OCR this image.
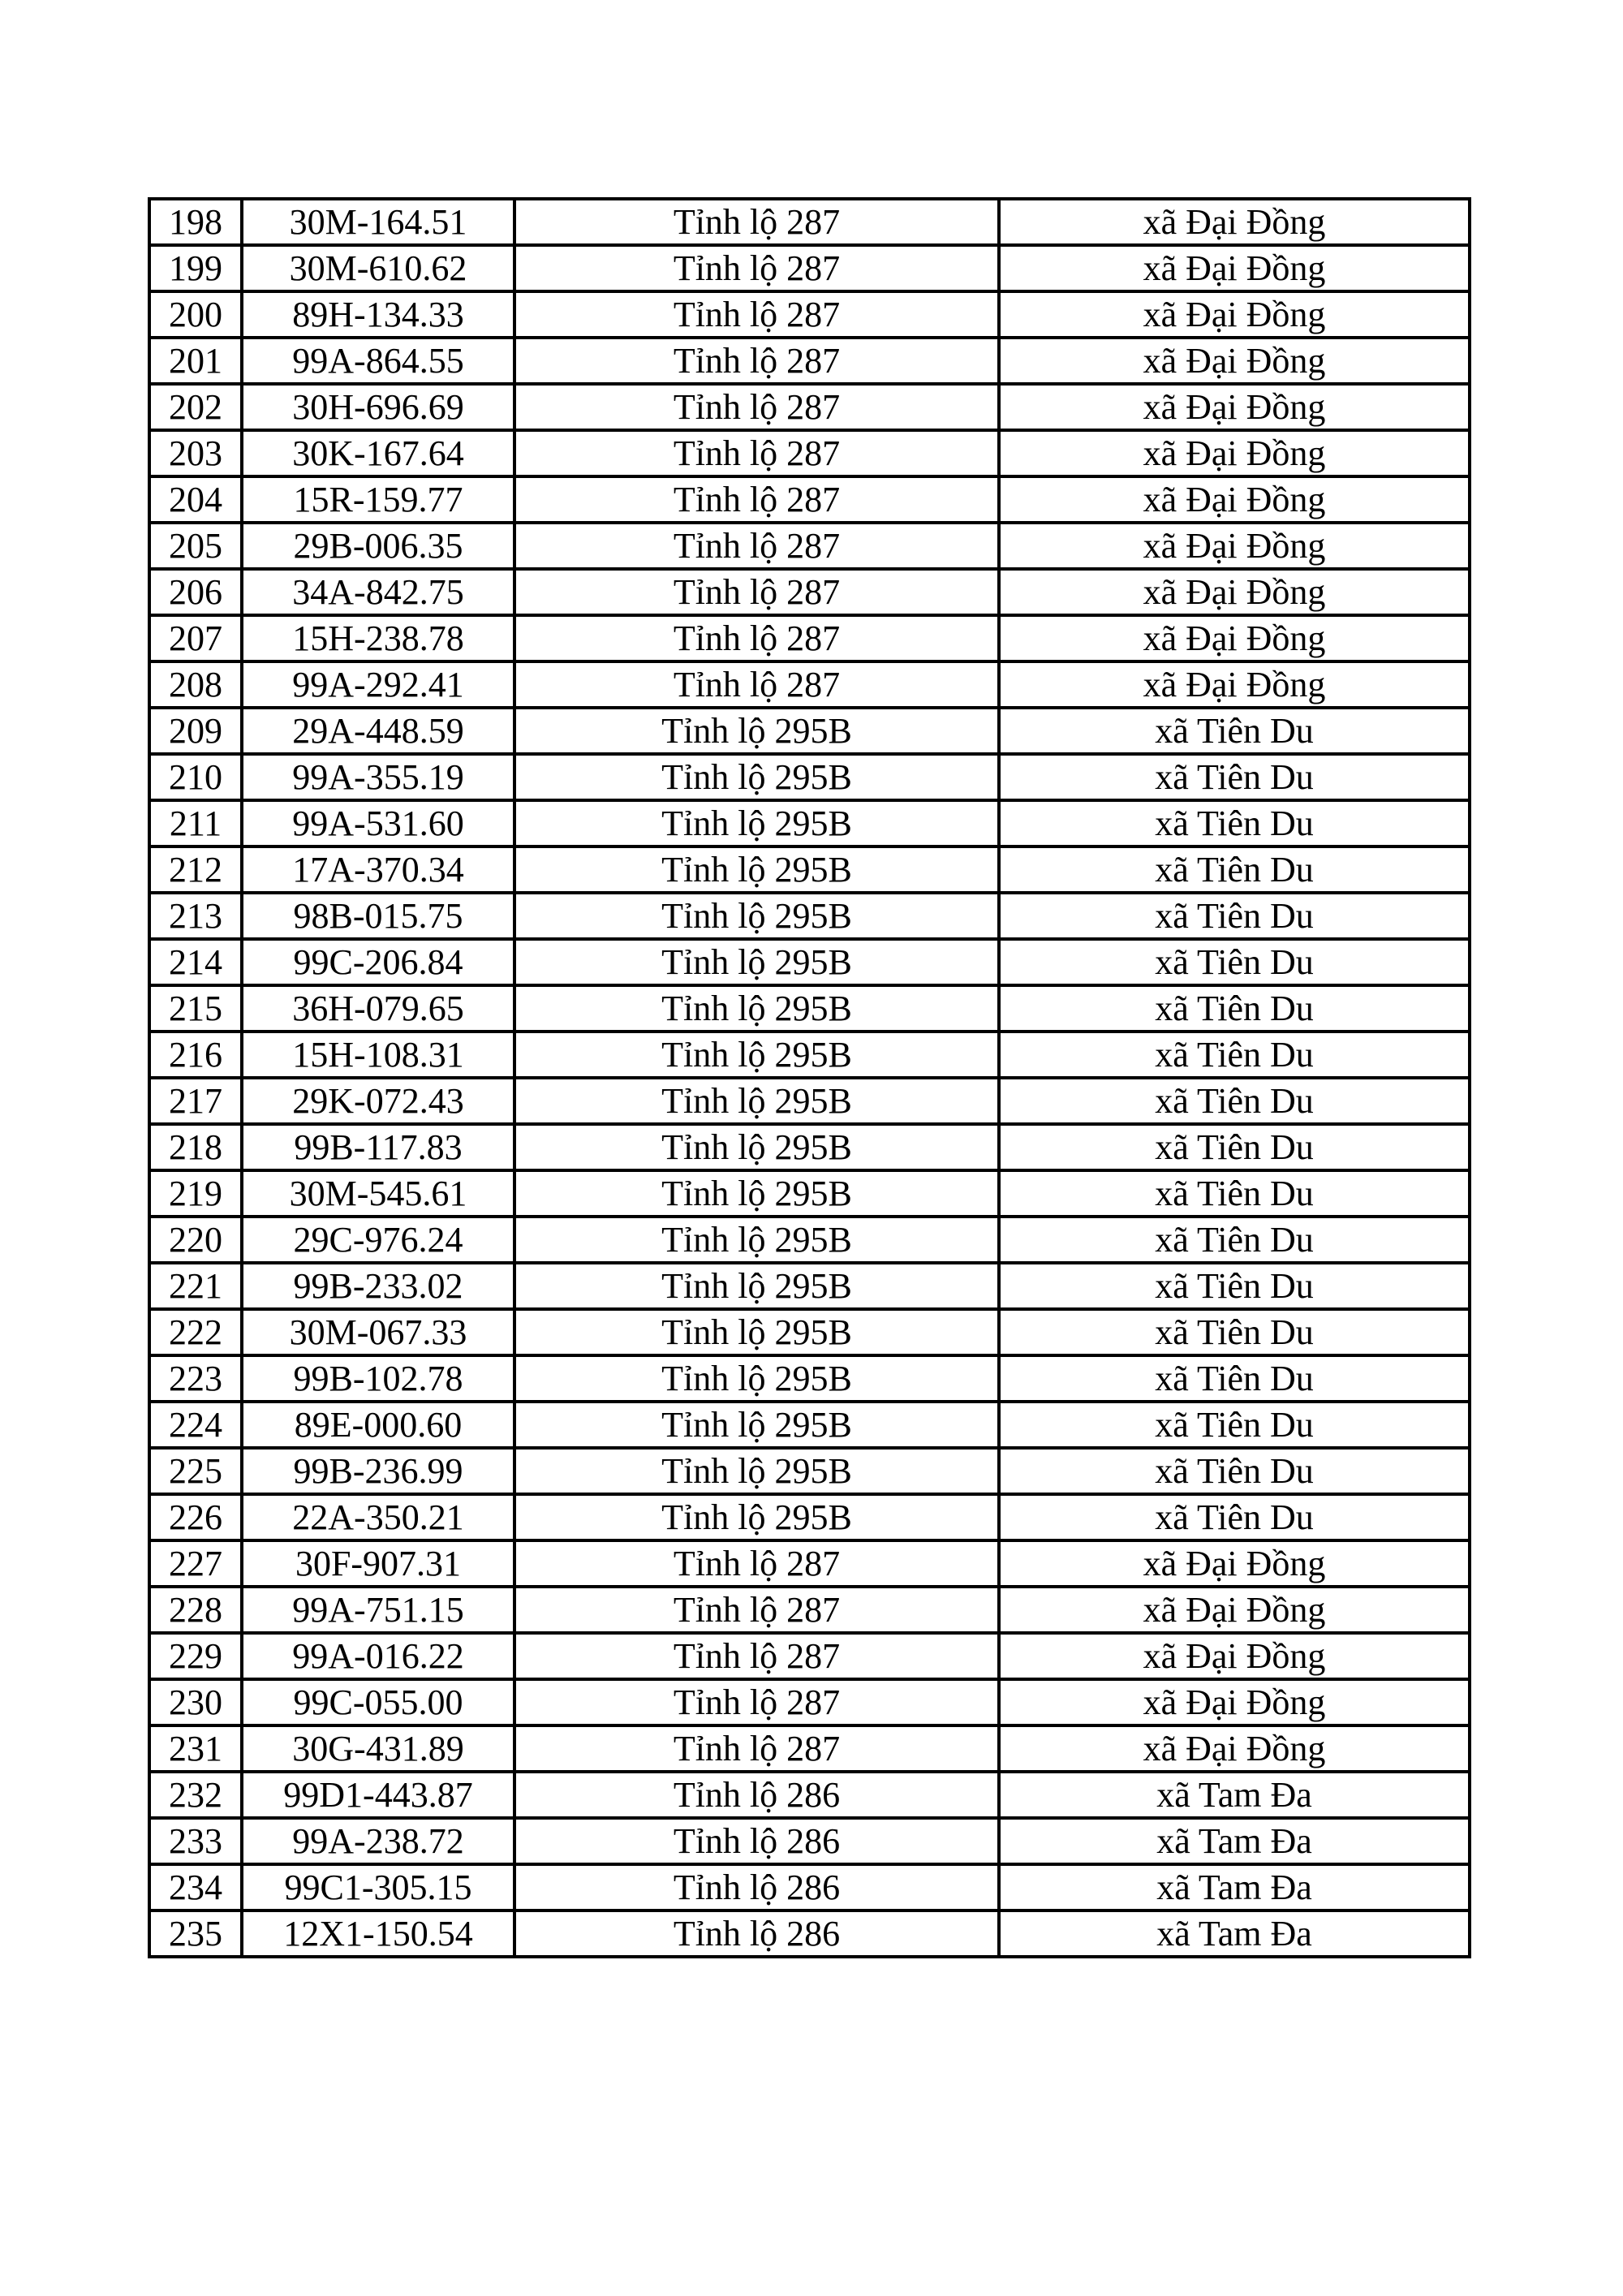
198	30M-164.51	Tỉnh lộ 287	xã Đại Đồng
199	30M-610.62	Tỉnh lộ 287	xã Đại Đồng
200	89H-134.33	Tỉnh lộ 287	xã Đại Đồng
201	99A-864.55	Tỉnh lộ 287	xã Đại Đồng
202	30H-696.69	Tỉnh lộ 287	xã Đại Đồng
203	30K-167.64	Tỉnh lộ 287	xã Đại Đồng
204	15R-159.77	Tỉnh lộ 287	xã Đại Đồng
205	29B-006.35	Tỉnh lộ 287	xã Đại Đồng
206	34A-842.75	Tỉnh lộ 287	xã Đại Đồng
207	15H-238.78	Tỉnh lộ 287	xã Đại Đồng
208	99A-292.41	Tỉnh lộ 287	xã Đại Đồng
209	29A-448.59	Tỉnh lộ 295B	xã Tiên Du
210	99A-355.19	Tỉnh lộ 295B	xã Tiên Du
211	99A-531.60	Tỉnh lộ 295B	xã Tiên Du
212	17A-370.34	Tỉnh lộ 295B	xã Tiên Du
213	98B-015.75	Tỉnh lộ 295B	xã Tiên Du
214	99C-206.84	Tỉnh lộ 295B	xã Tiên Du
215	36H-079.65	Tỉnh lộ 295B	xã Tiên Du
216	15H-108.31	Tỉnh lộ 295B	xã Tiên Du
217	29K-072.43	Tỉnh lộ 295B	xã Tiên Du
218	99B-117.83	Tỉnh lộ 295B	xã Tiên Du
219	30M-545.61	Tỉnh lộ 295B	xã Tiên Du
220	29C-976.24	Tỉnh lộ 295B	xã Tiên Du
221	99B-233.02	Tỉnh lộ 295B	xã Tiên Du
222	30M-067.33	Tỉnh lộ 295B	xã Tiên Du
223	99B-102.78	Tỉnh lộ 295B	xã Tiên Du
224	89E-000.60	Tỉnh lộ 295B	xã Tiên Du
225	99B-236.99	Tỉnh lộ 295B	xã Tiên Du
226	22A-350.21	Tỉnh lộ 295B	xã Tiên Du
227	30F-907.31	Tỉnh lộ 287	xã Đại Đồng
228	99A-751.15	Tỉnh lộ 287	xã Đại Đồng
229	99A-016.22	Tỉnh lộ 287	xã Đại Đồng
230	99C-055.00	Tỉnh lộ 287	xã Đại Đồng
231	30G-431.89	Tỉnh lộ 287	xã Đại Đồng
232	99D1-443.87	Tỉnh lộ 286	xã Tam Đa
233	99A-238.72	Tỉnh lộ 286	xã Tam Đa
234	99C1-305.15	Tỉnh lộ 286	xã Tam Đa
235	12X1-150.54	Tỉnh lộ 286	xã Tam Đa
